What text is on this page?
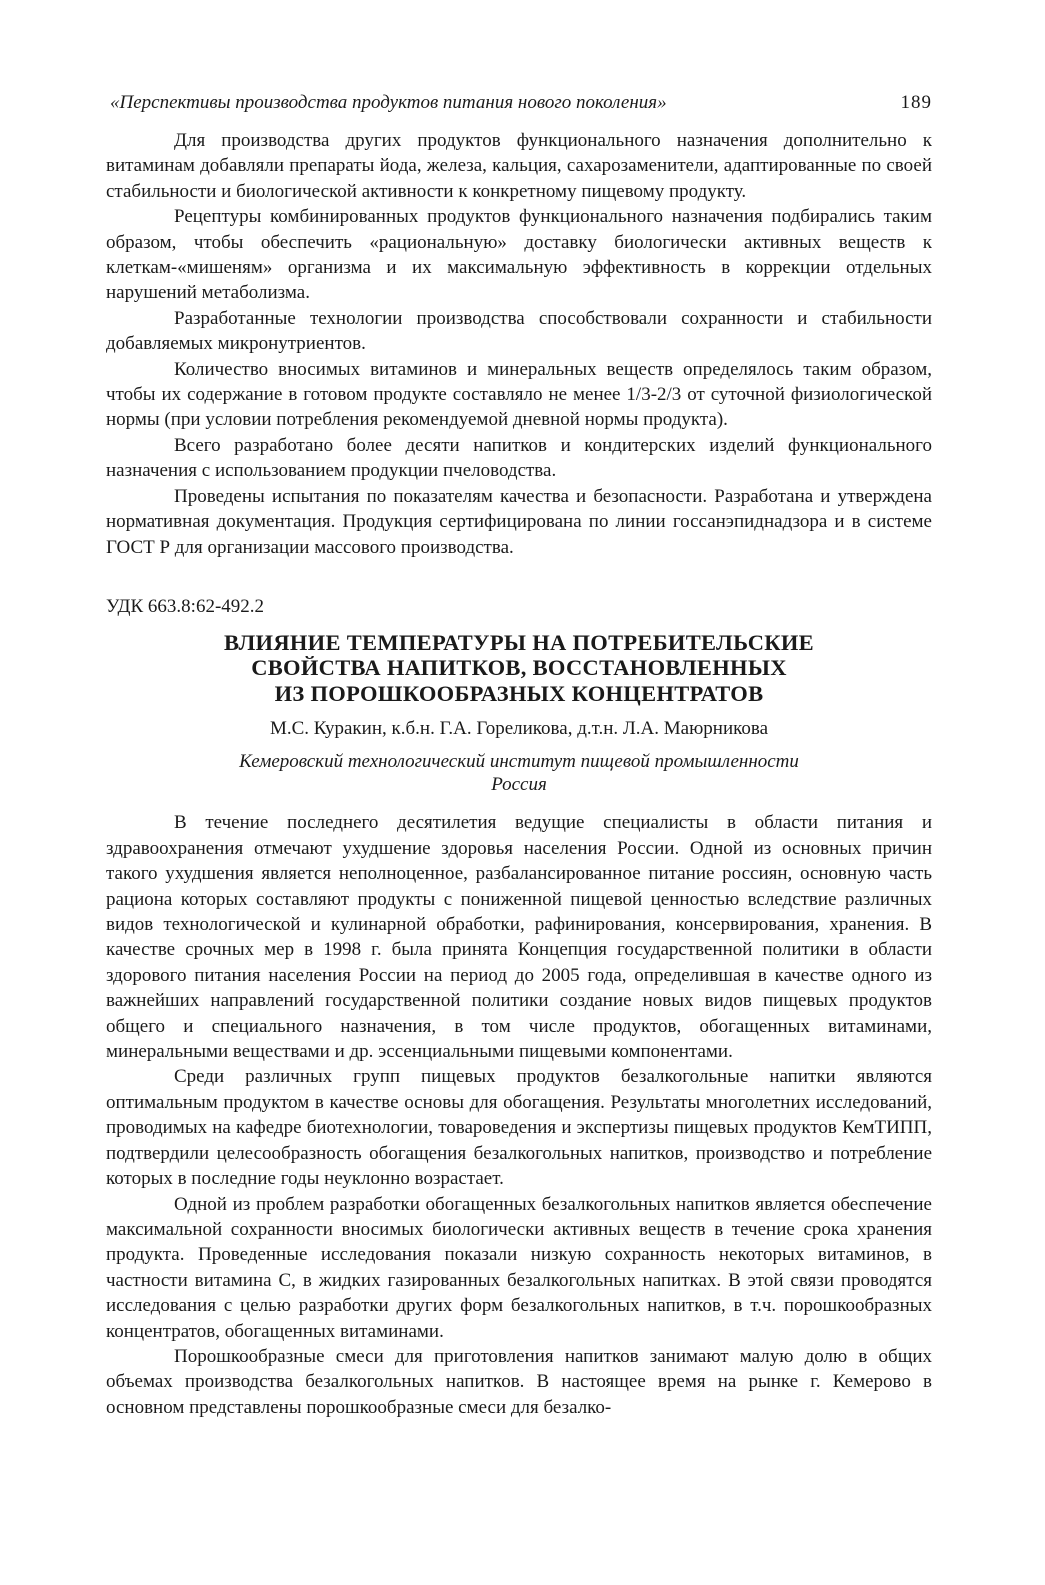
«Перспективы производства продуктов питания нового поколения»	189

Для производства других продуктов функционального назначения дополнительно к витаминам добавляли препараты йода, железа, кальция, сахарозаменители, адаптированные по своей стабильности и биологической активности к конкретному пищевому продукту.

Рецептуры комбинированных продуктов функционального назначения подбирались таким образом, чтобы обеспечить «рациональную» доставку биологически активных веществ к клеткам-«мишеням» организма и их максимальную эффективность в коррекции отдельных нарушений метаболизма.

Разработанные технологии производства способствовали сохранности и стабильности добавляемых микронутриентов.

Количество вносимых витаминов и минеральных веществ определялось таким образом, чтобы их содержание в готовом продукте составляло не менее 1/3-2/3 от суточной физиологической нормы (при условии потребления рекомендуемой дневной нормы продукта).

Всего разработано более десяти напитков и кондитерских изделий функционального назначения с использованием продукции пчеловодства.

Проведены испытания по показателям качества и безопасности. Разработана и утверждена нормативная документация. Продукция сертифицирована по линии госсанэпиднадзора и в системе ГОСТ Р для организации массового производства.

УДК 663.8:62-492.2
ВЛИЯНИЕ ТЕМПЕРАТУРЫ НА ПОТРЕБИТЕЛЬСКИЕ
СВОЙСТВА НАПИТКОВ, ВОССТАНОВЛЕННЫХ
ИЗ ПОРОШКООБРАЗНЫХ КОНЦЕНТРАТОВ
М.С. Куракин, к.б.н. Г.А. Гореликова, д.т.н. Л.А. Маюрникова
Кемеровский технологический институт пищевой промышленности
Россия

В течение последнего десятилетия ведущие специалисты в области питания и здравоохранения отмечают ухудшение здоровья населения России. Одной из основных причин такого ухудшения является неполноценное, разбалансированное питание россиян, основную часть рациона которых составляют продукты с пониженной пищевой ценностью вследствие различных видов технологической и кулинарной обработки, рафинирования, консервирования, хранения. В качестве срочных мер в 1998 г. была принята Концепция государственной политики в области здорового питания населения России на период до 2005 года, определившая в качестве одного из важнейших направлений государственной политики создание новых видов пищевых продуктов общего и специального назначения, в том числе продуктов, обогащенных витаминами, минеральными веществами и др. эссенциальными пищевыми компонентами.

Среди различных групп пищевых продуктов безалкогольные напитки являются оптимальным продуктом в качестве основы для обогащения. Результаты многолетних исследований, проводимых на кафедре биотехнологии, товароведения и экспертизы пищевых продуктов КемТИПП, подтвердили целесообразность обогащения безалкогольных напитков, производство и потребление которых в последние годы неуклонно возрастает.

Одной из проблем разработки обогащенных безалкогольных напитков является обеспечение максимальной сохранности вносимых биологически активных веществ в течение срока хранения продукта. Проведенные исследования показали низкую сохранность некоторых витаминов, в частности витамина С, в жидких газированных безалкогольных напитках. В этой связи проводятся исследования с целью разработки других форм безалкогольных напитков, в т.ч. порошкообразных концентратов, обогащенных витаминами.

Порошкообразные смеси для приготовления напитков занимают малую долю в общих объемах производства безалкогольных напитков. В настоящее время на рынке г. Кемерово в основном представлены порошкообразные смеси для безалко-
